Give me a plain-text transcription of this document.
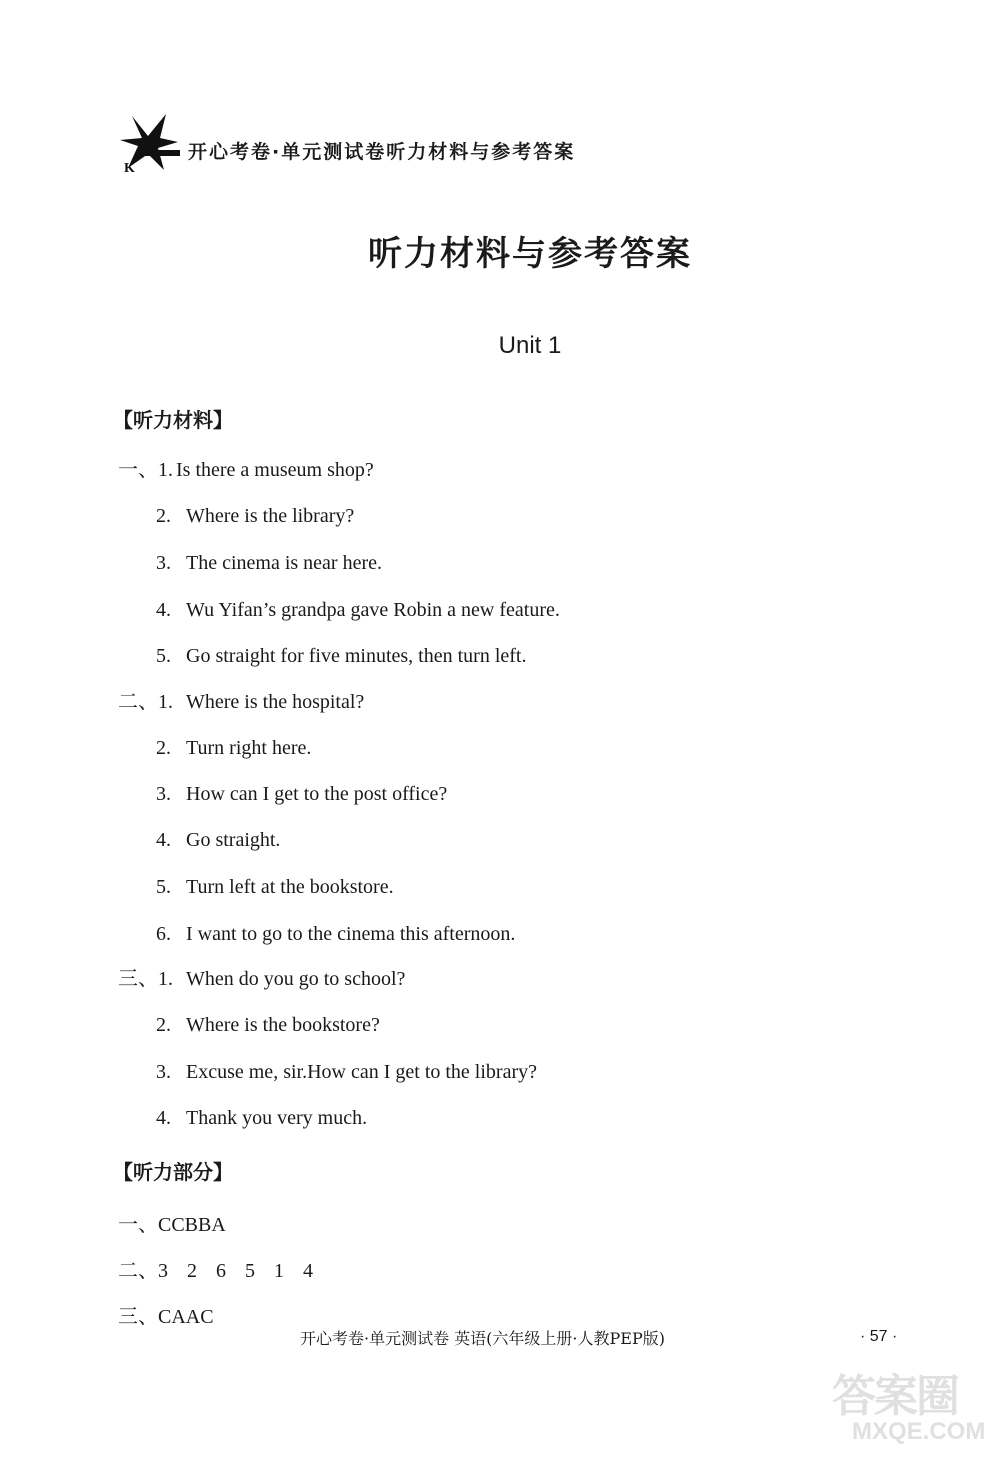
K
开心考卷·单元测试卷听力材料与参考答案
听力材料与参考答案
Unit 1
【听力材料】
一、1. Is there a museum shop?
2. Where is the library?
3. The cinema is near here.
4. Wu Yifan’s grandpa gave Robin a new feature.
5. Go straight for five minutes, then turn left.
二、1. Where is the hospital?
2. Turn right here.
3. How can I get to the post office?
4. Go straight.
5. Turn left at the bookstore.
6. I want to go to the cinema this afternoon.
三、1. When do you go to school?
2. Where is the bookstore?
3. Excuse me, sir.How can I get to the library?
4. Thank you very much.
【听力部分】
一、CCBBA
二、3 2 6 5 1 4
三、CAAC
开心考卷·单元测试卷 英语(六年级上册·人教PEP版)	· 57 ·
答案圈
MXQE.COM
